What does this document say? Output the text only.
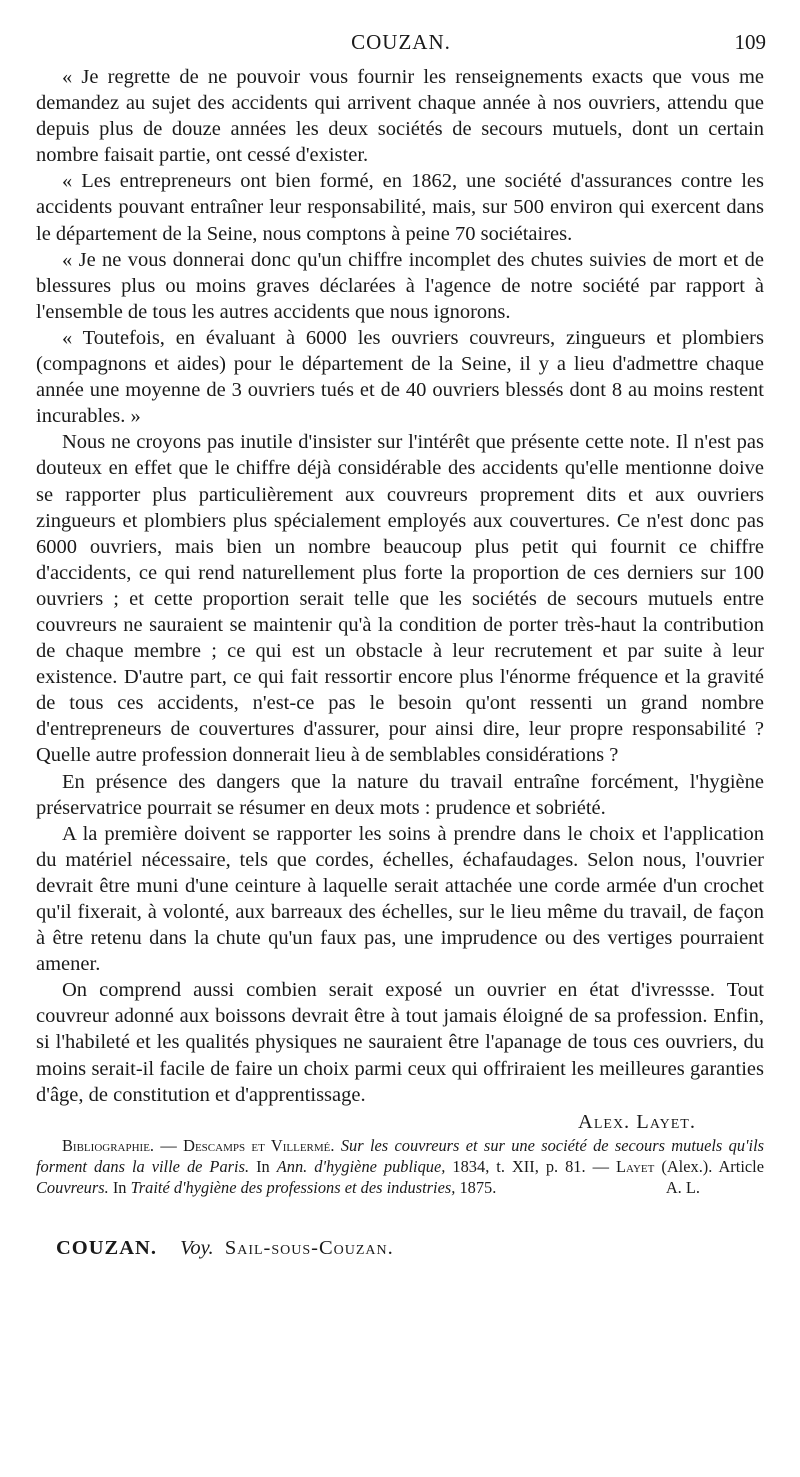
COUZAN.	109

« Je regrette de ne pouvoir vous fournir les renseignements exacts que vous me demandez au sujet des accidents qui arrivent chaque année à nos ouvriers, attendu que depuis plus de douze années les deux sociétés de secours mutuels, dont un certain nombre faisait partie, ont cessé d'exister.

« Les entrepreneurs ont bien formé, en 1862, une société d'assurances contre les accidents pouvant entraîner leur responsabilité, mais, sur 500 environ qui exercent dans le département de la Seine, nous comptons à peine 70 sociétaires.

« Je ne vous donnerai donc qu'un chiffre incomplet des chutes suivies de mort et de blessures plus ou moins graves déclarées à l'agence de notre société par rapport à l'ensemble de tous les autres accidents que nous ignorons.

« Toutefois, en évaluant à 6000 les ouvriers couvreurs, zingueurs et plombiers (compagnons et aides) pour le département de la Seine, il y a lieu d'admettre chaque année une moyenne de 3 ouvriers tués et de 40 ouvriers blessés dont 8 au moins restent incurables. »

Nous ne croyons pas inutile d'insister sur l'intérêt que présente cette note. Il n'est pas douteux en effet que le chiffre déjà considérable des accidents qu'elle mentionne doive se rapporter plus particulièrement aux couvreurs proprement dits et aux ouvriers zingueurs et plombiers plus spécialement employés aux couvertures. Ce n'est donc pas 6000 ouvriers, mais bien un nombre beaucoup plus petit qui fournit ce chiffre d'accidents, ce qui rend naturellement plus forte la proportion de ces derniers sur 100 ouvriers ; et cette proportion serait telle que les sociétés de secours mutuels entre couvreurs ne sauraient se maintenir qu'à la condition de porter très-haut la contribution de chaque membre ; ce qui est un obstacle à leur recrutement et par suite à leur existence. D'autre part, ce qui fait ressortir encore plus l'énorme fréquence et la gravité de tous ces accidents, n'est-ce pas le besoin qu'ont ressenti un grand nombre d'entrepreneurs de couvertures d'assurer, pour ainsi dire, leur propre responsabilité ? Quelle autre profession donnerait lieu à de semblables considérations ?

En présence des dangers que la nature du travail entraîne forcément, l'hygiène préservatrice pourrait se résumer en deux mots : prudence et sobriété.

A la première doivent se rapporter les soins à prendre dans le choix et l'application du matériel nécessaire, tels que cordes, échelles, échafaudages. Selon nous, l'ouvrier devrait être muni d'une ceinture à laquelle serait attachée une corde armée d'un crochet qu'il fixerait, à volonté, aux barreaux des échelles, sur le lieu même du travail, de façon à être retenu dans la chute qu'un faux pas, une imprudence ou des vertiges pourraient amener.

On comprend aussi combien serait exposé un ouvrier en état d'ivressse. Tout couvreur adonné aux boissons devrait être à tout jamais éloigné de sa profession. Enfin, si l'habileté et les qualités physiques ne sauraient être l'apanage de tous ces ouvriers, du moins serait-il facile de faire un choix parmi ceux qui offriraient les meilleures garanties d'âge, de constitution et d'apprentissage.

Alex. Layet.

Bibliographie. — Descamps et Villermé. Sur les couvreurs et sur une société de secours mutuels qu'ils forment dans la ville de Paris. In Ann. d'hygiène publique, 1834, t. XII, p. 81. — Layet (Alex.). Article Couvreurs. In Traité d'hygiène des professions et des industries, 1875.	A. L.

COUZAN. Voy. Sail-sous-Couzan.
